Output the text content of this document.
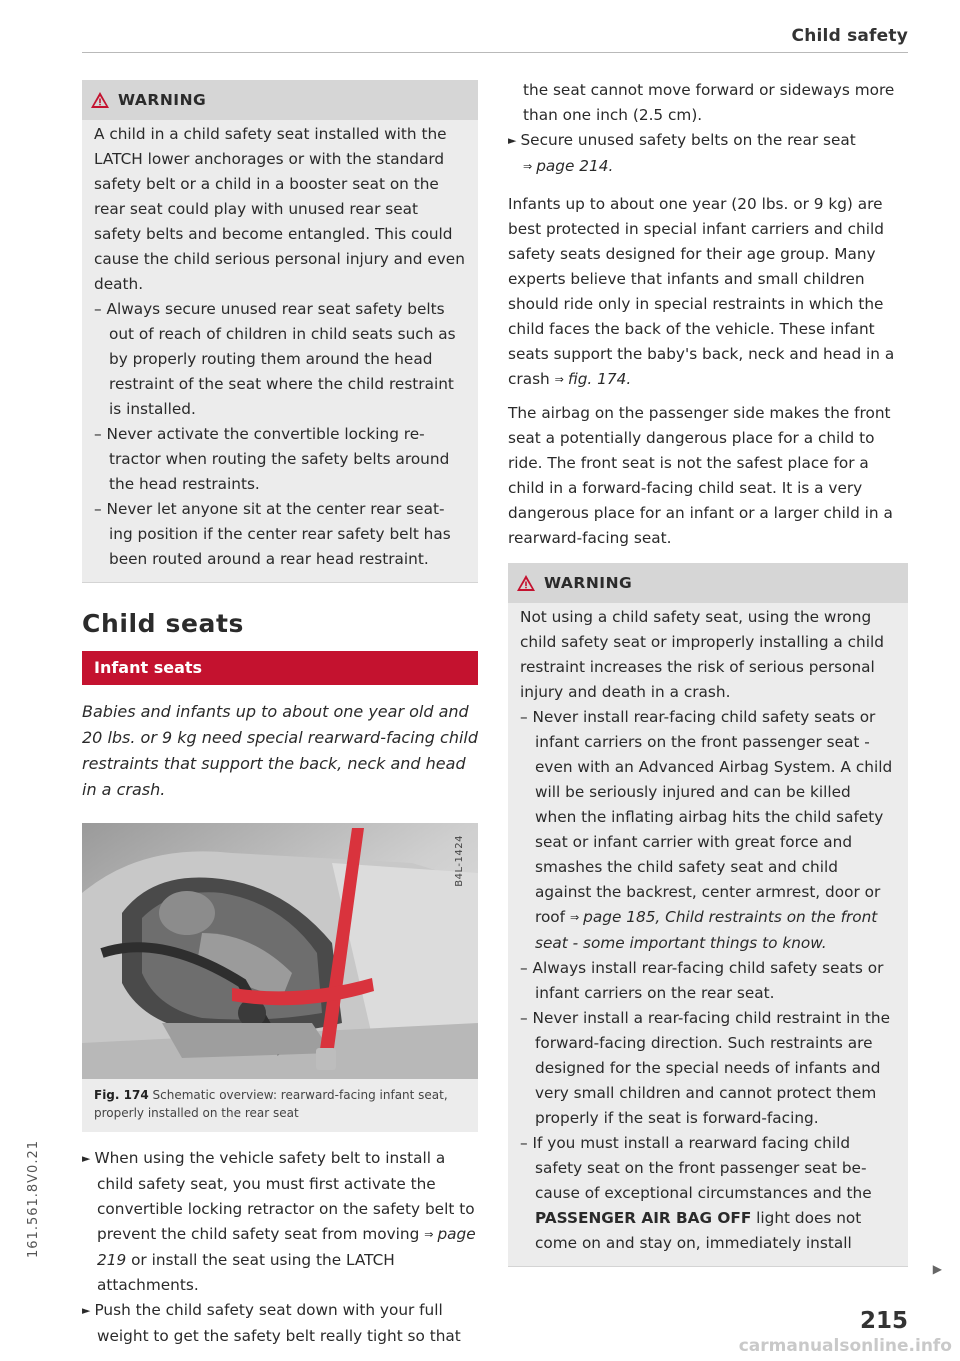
Child safety
WARNING

A child in a child safety seat installed with the LATCH lower anchorages or with the standard safety belt or a child in a booster seat on the rear seat could play with unused rear seat safety belts and become entangled. This could cause the child serious personal injury and even death.

– Always secure unused rear seat safety belts out of reach of children in child seats such as by properly routing them around the head restraint of the seat where the child restraint is installed.

– Never activate the convertible locking re-tractor when routing the safety belts around the head restraints.

– Never let anyone sit at the center rear seat-ing position if the center rear safety belt has been routed around a rear head restraint.

Child seats
Infant seats

Babies and infants up to about one year old and 20 lbs. or 9 kg need special rearward-facing child restraints that support the back, neck and head in a crash.

B4L-1424
Fig. 174 Schematic overview: rearward-facing infant seat, properly installed on the rear seat

► When using the vehicle safety belt to install a child safety seat, you must first activate the convertible locking retractor on the safety belt to prevent the child safety seat from moving ⇒ page 219 or install the seat using the LATCH attachments.

► Push the child safety seat down with your full weight to get the safety belt really tight so that

the seat cannot move forward or sideways more than one inch (2.5 cm).

► Secure unused safety belts on the rear seat
⇒ page 214.

Infants up to about one year (20 lbs. or 9 kg) are best protected in special infant carriers and child safety seats designed for their age group. Many experts believe that infants and small children should ride only in special restraints in which the child faces the back of the vehicle. These infant seats support the baby's back, neck and head in a crash ⇒ fig. 174.

The airbag on the passenger side makes the front seat a potentially dangerous place for a child to ride. The front seat is not the safest place for a child in a forward-facing child seat. It is a very dangerous place for an infant or a larger child in a rearward-facing seat.

WARNING

Not using a child safety seat, using the wrong child safety seat or improperly installing a child restraint increases the risk of serious personal injury and death in a crash.

– Never install rear-facing child safety seats or infant carriers on the front passenger seat - even with an Advanced Airbag System. A child will be seriously injured and can be killed when the inflating airbag hits the child safety seat or infant carrier with great force and smashes the child safety seat and child against the backrest, center armrest, door or roof ⇒ page 185, Child restraints on the front seat - some important things to know.

– Always install rear-facing child safety seats or infant carriers on the rear seat.

– Never install a rear-facing child restraint in the forward-facing direction. Such restraints are designed for the special needs of infants and very small children and cannot protect them properly if the seat is forward-facing.

– If you must install a rearward facing child safety seat on the front passenger seat be-cause of exceptional circumstances and the PASSENGER AIR BAG OFF light does not come on and stay on, immediately install

▶
161.561.8V0.21
215
carmanualsonline.info
